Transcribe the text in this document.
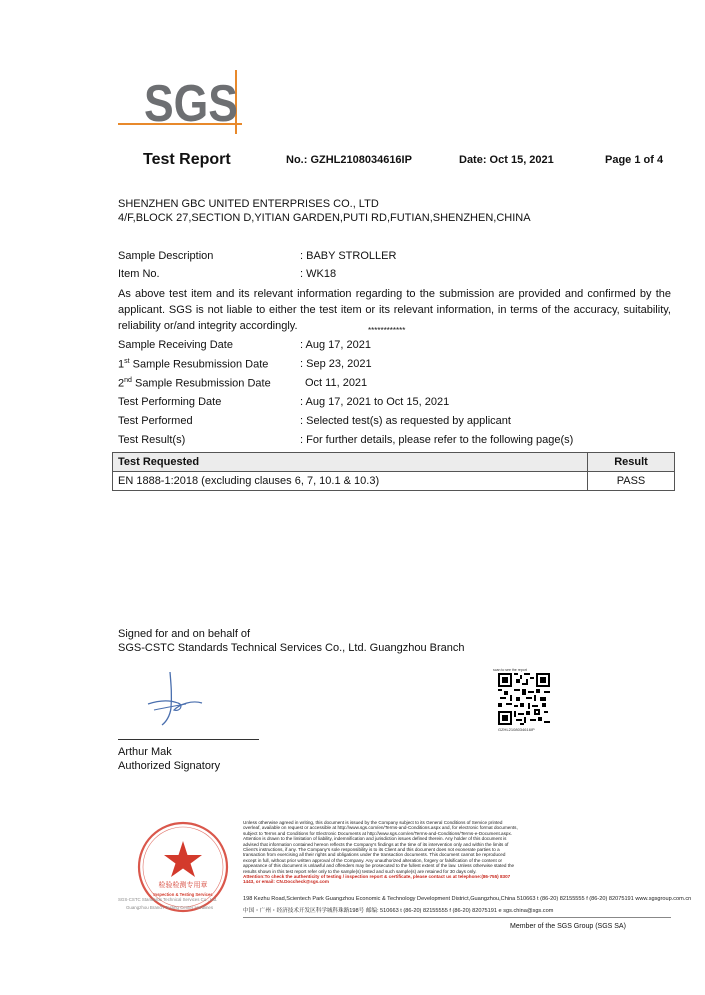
SGS
Test Report	No.: GZHL2108034616IP	Date: Oct 15, 2021	Page 1 of 4
SHENZHEN GBC UNITED ENTERPRISES CO., LTD
4/F,BLOCK 27,SECTION D,YITIAN GARDEN,PUTI RD,FUTIAN,SHENZHEN,CHINA
Sample Description	: BABY STROLLER
Item No.	: WK18
As above test item and its relevant information regarding to the submission are provided and confirmed by the applicant. SGS is not liable to either the test item or its relevant information, in terms of the accuracy, suitability, reliability or/and integrity accordingly.	************
Sample Receiving Date	: Aug 17, 2021
1st Sample Resubmission Date	: Sep 23, 2021
2nd Sample Resubmission Date	Oct 11, 2021
Test Performing Date	: Aug 17, 2021 to Oct 15, 2021
Test Performed	: Selected test(s) as requested by applicant
Test Result(s)	: For further details, please refer to the following page(s)
Test Requested	Result
EN 1888-1:2018 (excluding clauses 6, 7, 10.1 & 10.3)	PASS
Signed for and on behalf of
SGS-CSTC Standards Technical Services Co., Ltd. Guangzhou Branch
Arthur Mak
Authorized Signatory
scan to see the report
GZHL2108034616IP
检验检测专用章
Inspection & Testing Services
SGS-CSTC Standards Technical Services Co., Ltd.
Guangzhou Branch Testing Center Hardlines
Unless otherwise agreed in writing, this document is issued by the Company subject to its General Conditions of Service printed
overleaf, available on request or accessible at http://www.sgs.com/en/Terms-and-Conditions.aspx and, for electronic format documents,
subject to Terms and Conditions for Electronic Documents at http://www.sgs.com/en/Terms-and-Conditions/Terms-e-Document.aspx.
Attention is drawn to the limitation of liability, indemnification and jurisdiction issues defined therein. Any holder of this document is
advised that information contained hereon reflects the Company's findings at the time of its intervention only and within the limits of
Client's instructions, if any. The Company's sole responsibility is to its Client and this document does not exonerate parties to a
transaction from exercising all their rights and obligations under the transaction documents. This document cannot be reproduced
except in full, without prior written approval of the Company. Any unauthorized alteration, forgery or falsification of the content or
appearance of this document is unlawful and offenders may be prosecuted to the fullest extent of the law. Unless otherwise stated the
results shown in this test report refer only to the sample(s) tested and such sample(s) are retained for 30 days only.
Attention:To check the authenticity of testing / inspection report & certificate, please contact us at telephone:(86-755) 8307
1443, or email: CN.Doccheck@sgs.com
198 Kezhu Road,Scientech Park Guangzhou Economic & Technology Development District,Guangzhou,China 510663 t (86-20) 82155555 f (86-20) 82075191 www.sgsgroup.com.cn
中国・广州・经济技术开发区科学城科珠路198号 邮编: 510663 t (86-20) 82155555 f (86-20) 82075191 e sgs.china@sgs.com
Member of the SGS Group (SGS SA)
